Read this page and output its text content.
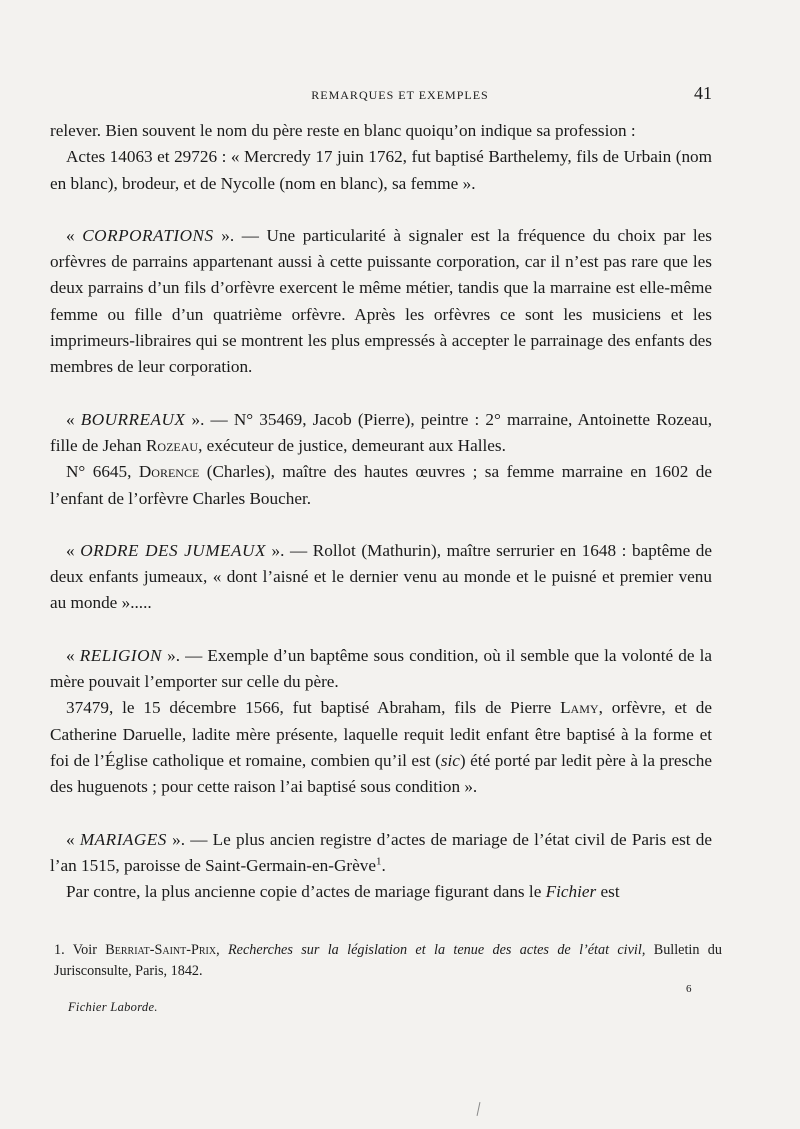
REMARQUES ET EXEMPLES	41

relever. Bien souvent le nom du père reste en blanc quoiqu’on indique sa profession :

Actes 14063 et 29726 : « Mercredy 17 juin 1762, fut baptisé Barthelemy, fils de Urbain (nom en blanc), brodeur, et de Nycolle (nom en blanc), sa femme ».

« CORPORATIONS ». — Une particularité à signaler est la fréquence du choix par les orfèvres de parrains appartenant aussi à cette puissante corporation, car il n’est pas rare que les deux parrains d’un fils d’orfèvre exercent le même métier, tandis que la marraine est elle-même femme ou fille d’un quatrième orfèvre. Après les orfèvres ce sont les musiciens et les imprimeurs-libraires qui se montrent les plus empressés à accepter le parrainage des enfants des membres de leur corporation.

« BOURREAUX ». — N° 35469, Jacob (Pierre), peintre : 2° marraine, Antoinette Rozeau, fille de Jehan Rozeau, exécuteur de justice, demeurant aux Halles.

N° 6645, Dorence (Charles), maître des hautes œuvres ; sa femme marraine en 1602 de l’enfant de l’orfèvre Charles Boucher.

« ORDRE DES JUMEAUX ». — Rollot (Mathurin), maître serrurier en 1648 : baptême de deux enfants jumeaux, « dont l’aisné et le dernier venu au monde et le puisné et premier venu au monde ».....

« RELIGION ». — Exemple d’un baptême sous condition, où il semble que la volonté de la mère pouvait l’emporter sur celle du père.

37479, le 15 décembre 1566, fut baptisé Abraham, fils de Pierre Lamy, orfèvre, et de Catherine Daruelle, ladite mère présente, laquelle requit ledit enfant être baptisé à la forme et foi de l’Église catholique et romaine, combien qu’il est (sic) été porté par ledit père à la presche des huguenots ; pour cette raison l’ai baptisé sous condition ».

« MARIAGES ». — Le plus ancien registre d’actes de mariage de l’état civil de Paris est de l’an 1515, paroisse de Saint-Germain-en-Grève$^1$.

Par contre, la plus ancienne copie d’actes de mariage figurant dans le Fichier est

1. Voir Berriat-Saint-Prix, Recherches sur la législation et la tenue des actes de l’état civil, Bulletin du Jurisconsulte, Paris, 1842.

6
Fichier Laborde.
